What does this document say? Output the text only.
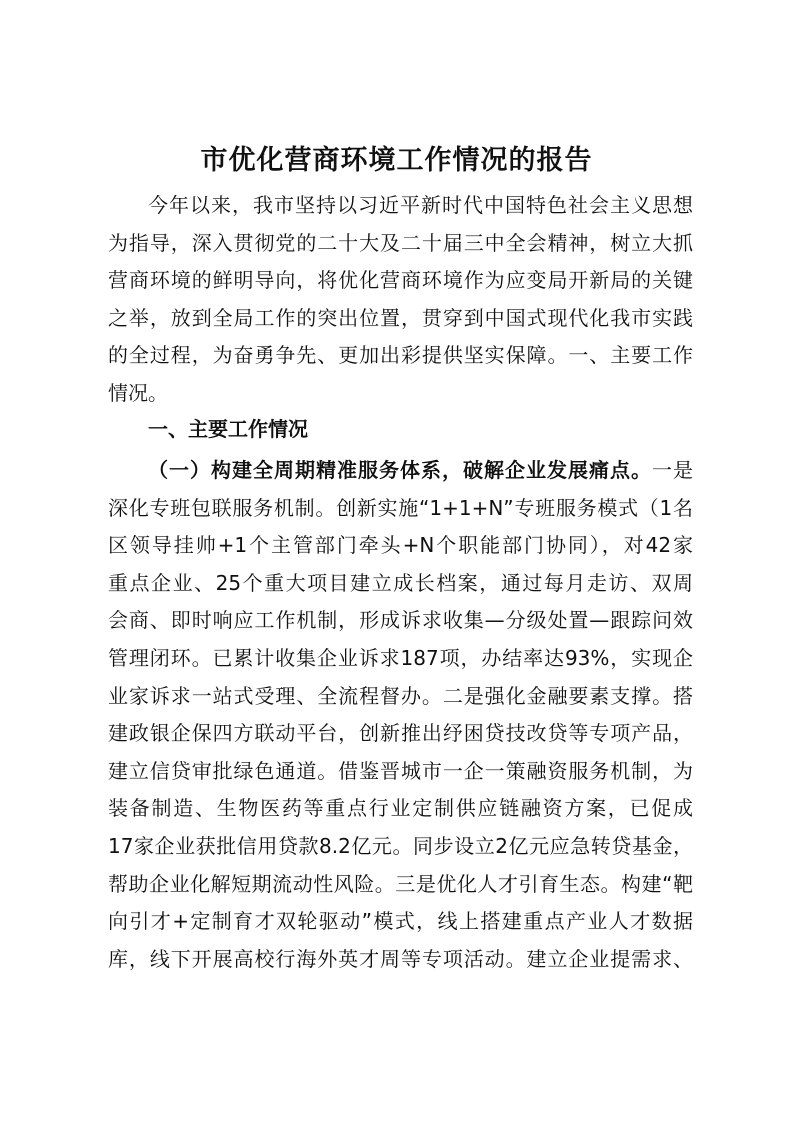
市优化营商环境工作情况的报告
今年以来，我市坚持以习近平新时代中国特色社会主义思想
为指导，深入贯彻党的二十大及二十届三中全会精神，树立大抓
营商环境的鲜明导向，将优化营商环境作为应变局开新局的关键
之举，放到全局工作的突出位置，贯穿到中国式现代化我市实践
的全过程，为奋勇争先、更加出彩提供坚实保障。一、主要工作
情况。
一、主要工作情况
（一）构建全周期精准服务体系，破解企业发展痛点。一是
深化专班包联服务机制。创新实施“1+1+N”专班服务模式（1名
区领导挂帅+1个主管部门牵头+N个职能部门协同），对42家
重点企业、25个重大项目建立成长档案，通过每月走访、双周
会商、即时响应工作机制，形成诉求收集—分级处置—跟踪问效
管理闭环。已累计收集企业诉求187项，办结率达93%，实现企
业家诉求一站式受理、全流程督办。二是强化金融要素支撑。搭
建政银企保四方联动平台，创新推出纾困贷技改贷等专项产品，
建立信贷审批绿色通道。借鉴晋城市一企一策融资服务机制，为
装备制造、生物医药等重点行业定制供应链融资方案，已促成
17家企业获批信用贷款8.2亿元。同步设立2亿元应急转贷基金，
帮助企业化解短期流动性风险。三是优化人才引育生态。构建“靶
向引才+定制育才双轮驱动”模式，线上搭建重点产业人才数据
库，线下开展高校行海外英才周等专项活动。建立企业提需求、
